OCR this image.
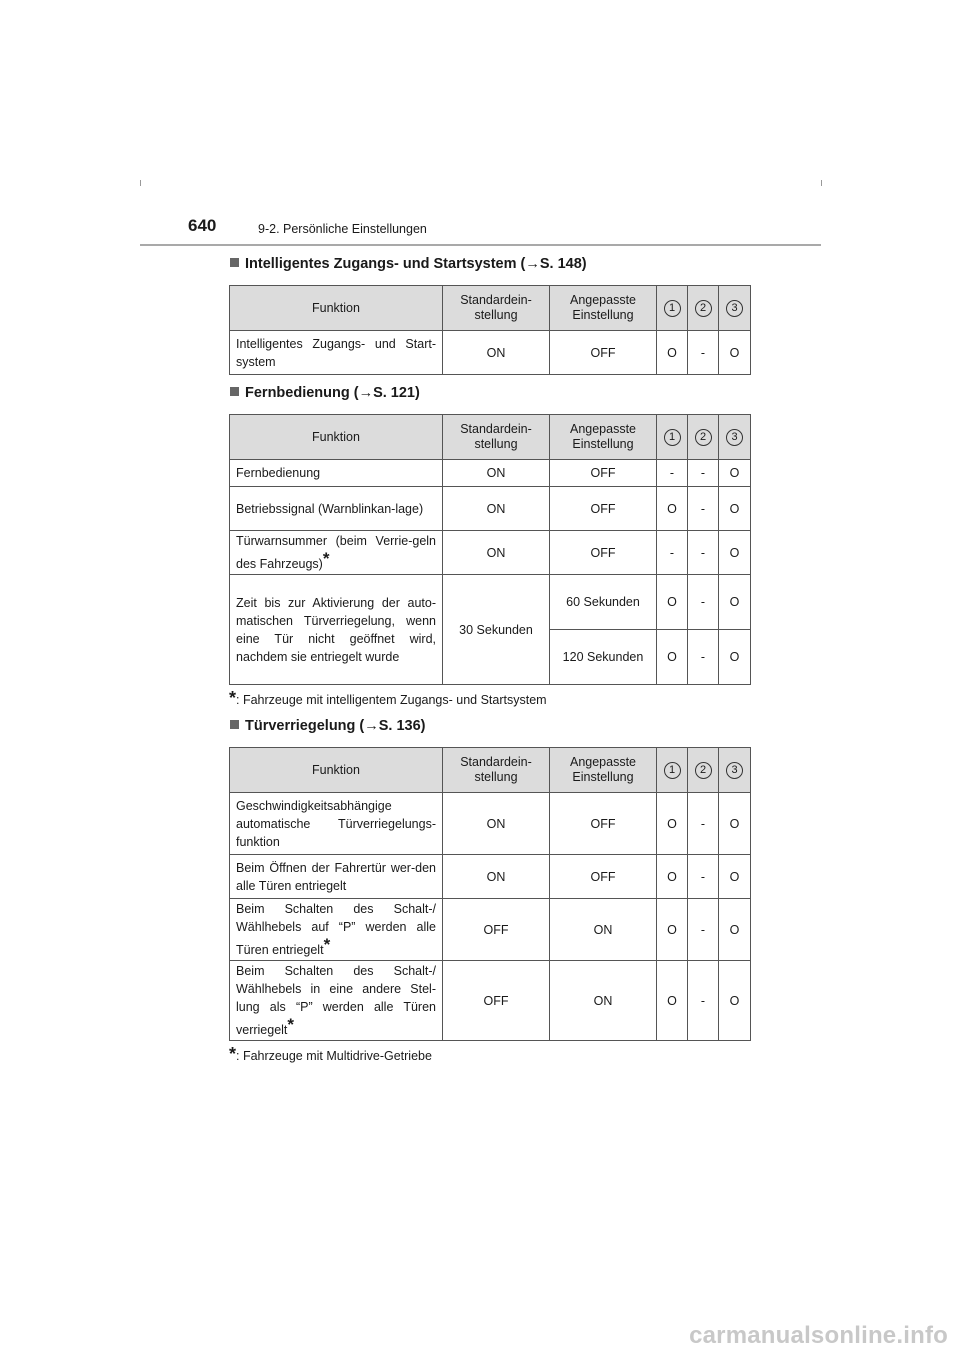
640	9-2. Persönliche Einstellungen
Intelligentes Zugangs- und Startsystem (→S. 148)
Funktion	Standardein-stellung	Angepasste Einstellung	1	2	3
Intelligentes Zugangs- und Start-system	ON	OFF	O	-	O
Fernbedienung (→S. 121)
Funktion	Standardein-stellung	Angepasste Einstellung	1	2	3
Fernbedienung	ON	OFF	-	-	O
Betriebssignal (Warnblinkan-lage)	ON	OFF	O	-	O
Türwarnsummer (beim Verrie-geln des Fahrzeugs)*	ON	OFF	-	-	O
Zeit bis zur Aktivierung der auto-matischen Türverriegelung, wenn eine Tür nicht geöffnet wird, nachdem sie entriegelt wurde	30 Sekunden	60 Sekunden	O	-	O
		120 Sekunden	O	-	O
*: Fahrzeuge mit intelligentem Zugangs- und Startsystem
Türverriegelung (→S. 136)
Funktion	Standardein-stellung	Angepasste Einstellung	1	2	3
Geschwindigkeitsabhängige automatische Türverriegelungs-funktion	ON	OFF	O	-	O
Beim Öffnen der Fahrertür wer-den alle Türen entriegelt	ON	OFF	O	-	O
Beim Schalten des Schalt-/ Wählhebels auf “P” werden alle Türen entriegelt*	OFF	ON	O	-	O
Beim Schalten des Schalt-/ Wählhebels in eine andere Stel-lung als “P” werden alle Türen verriegelt*	OFF	ON	O	-	O
*: Fahrzeuge mit Multidrive-Getriebe
carmanualsonline.info
